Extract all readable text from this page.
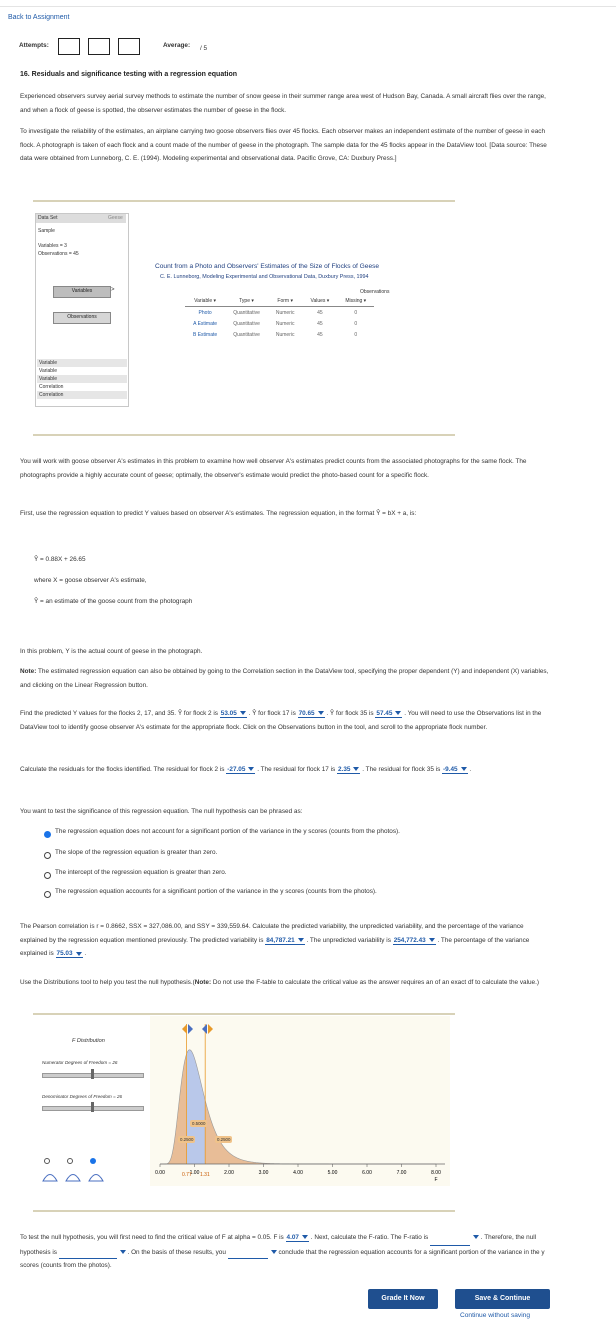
Back to Assignment
Attempts:	Average: / 5
16. Residuals and significance testing with a regression equation
Experienced observers survey aerial survey methods to estimate the number of snow geese in their summer range area west of Hudson Bay, Canada. A small aircraft flies over the range, and when a flock of geese is spotted, the observer estimates the number of geese in the flock.
To investigate the reliability of the estimates, an airplane carrying two goose observers flies over 45 flocks. Each observer makes an independent estimate of the number of geese in each flock. A photograph is taken of each flock and a count made of the number of geese in the photograph. The sample data for the 45 flocks appear in the DataView tool. [Data source: These data were obtained from Lunneborg, C. E. (1994). Modeling experimental and observational data. Pacific Grove, CA: Duxbury Press.]
Data Set	Geese
Sample
Variables = 3
Observations = 45
Variables	>
Observations
Variable
Variable
Variable
Correlation
Correlation
Count from a Photo and Observers' Estimates of the Size of Flocks of Geese
C. E. Lunneborg, Modeling Experimental and Observational Data, Duxbury Press, 1994
Observations
Variable ▾	Type ▾	Form ▾	Values ▾	Missing ▾
Photo	Quantitative	Numeric	45	0
A Estimate	Quantitative	Numeric	45	0
B Estimate	Quantitative	Numeric	45	0
You will work with goose observer A's estimates in this problem to examine how well observer A's estimates predict counts from the associated photographs for the same flock. The photographs provide a highly accurate count of geese; optimally, the observer's estimate would predict the photo-based count for a specific flock.
First, use the regression equation to predict Y values based on observer A's estimates. The regression equation, in the format Ŷ = bX + a, is:
Ŷ = 0.88X + 26.65
where X = goose observer A's estimate,
Ŷ = an estimate of the goose count from the photograph
In this problem, Y is the actual count of geese in the photograph.
Note: The estimated regression equation can also be obtained by going to the Correlation section in the DataView tool, specifying the proper dependent (Y) and independent (X) variables, and clicking on the Linear Regression button.
Find the predicted Y values for the flocks 2, 17, and 35. Ŷ for flock 2 is 53.05 . Ŷ for flock 17 is 70.65 . Ŷ for flock 35 is 57.45 . You will need to use the Observations list in the DataView tool to identify goose observer A's estimate for the appropriate flock. Click on the Observations button in the tool, and scroll to the appropriate flock number.
Calculate the residuals for the flocks identified. The residual for flock 2 is -27.05 . The residual for flock 17 is 2.35 . The residual for flock 35 is -9.45 .
You want to test the significance of this regression equation. The null hypothesis can be phrased as:
The regression equation does not account for a significant portion of the variance in the y scores (counts from the photos).
The slope of the regression equation is greater than zero.
The intercept of the regression equation is greater than zero.
The regression equation accounts for a significant portion of the variance in the y scores (counts from the photos).
The Pearson correlation is r = 0.8662, SSX = 327,086.00, and SSY = 339,559.64. Calculate the predicted variability, the unpredicted variability, and the percentage of the variance explained by the regression equation mentioned previously. The predicted variability is 84,787.21 . The unpredicted variability is 254,772.43 . The percentage of the variance explained is 75.03 .
Use the Distributions tool to help you test the null hypothesis.(Note: Do not use the F-table to calculate the critical value as the answer requires an of an exact df to calculate the value.)
F Distribution
Numerator Degrees of Freedom = 26
Denominator Degrees of Freedom = 26
0.00	1.00	2.00	3.00	4.00	5.00	6.00	7.00	8.00
F
0.2500
0.5000
0.2500
0.77 1.31
To test the null hypothesis, you will first need to find the critical value of F at alpha = 0.05. F is 4.07 . Next, calculate the F-ratio. The F-ratio is	. Therefore, the null hypothesis is	. On the basis of these results, you	conclude that the regression equation accounts for a significant portion of the variance in the y scores (counts from the photos).
Grade It Now	Save & Continue
Continue without saving
